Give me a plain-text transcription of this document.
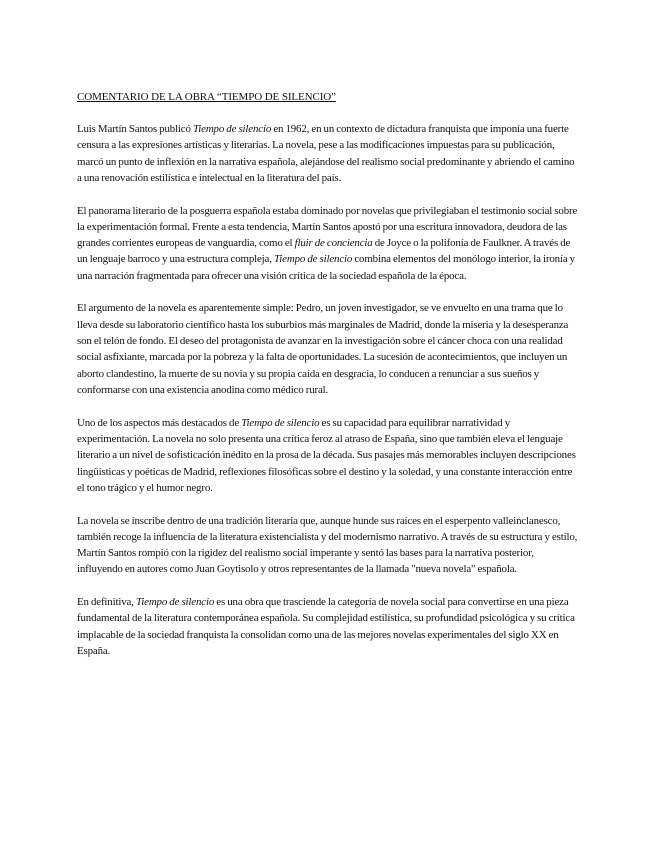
COMENTARIO DE LA OBRA “TIEMPO DE SILENCIO”

Luis Martín Santos publicó Tiempo de silencio en 1962, en un contexto de dictadura franquista que imponía una fuerte censura a las expresiones artísticas y literarias. La novela, pese a las modificaciones impuestas para su publicación, marcó un punto de inflexión en la narrativa española, alejándose del realismo social predominante y abriendo el camino a una renovación estilística e intelectual en la literatura del país.

El panorama literario de la posguerra española estaba dominado por novelas que privilegiaban el testimonio social sobre la experimentación formal. Frente a esta tendencia, Martín Santos apostó por una escritura innovadora, deudora de las grandes corrientes europeas de vanguardia, como el fluir de conciencia de Joyce o la polifonía de Faulkner. A través de un lenguaje barroco y una estructura compleja, Tiempo de silencio combina elementos del monólogo interior, la ironía y una narración fragmentada para ofrecer una visión crítica de la sociedad española de la época.

El argumento de la novela es aparentemente simple: Pedro, un joven investigador, se ve envuelto en una trama que lo lleva desde su laboratorio científico hasta los suburbios más marginales de Madrid, donde la miseria y la desesperanza son el telón de fondo. El deseo del protagonista de avanzar en la investigación sobre el cáncer choca con una realidad social asfixiante, marcada por la pobreza y la falta de oportunidades. La sucesión de acontecimientos, que incluyen un aborto clandestino, la muerte de su novia y su propia caída en desgracia, lo conducen a renunciar a sus sueños y conformarse con una existencia anodina como médico rural.

Uno de los aspectos más destacados de Tiempo de silencio es su capacidad para equilibrar narratividad y experimentación. La novela no solo presenta una crítica feroz al atraso de España, sino que también eleva el lenguaje literario a un nivel de sofisticación inédito en la prosa de la década. Sus pasajes más memorables incluyen descripciones lingüísticas y poéticas de Madrid, reflexiones filosóficas sobre el destino y la soledad, y una constante interacción entre el tono trágico y el humor negro.

La novela se inscribe dentro de una tradición literaria que, aunque hunde sus raíces en el esperpento valleinclanesco, también recoge la influencia de la literatura existencialista y del modernismo narrativo. A través de su estructura y estilo, Martín Santos rompió con la rigidez del realismo social imperante y sentó las bases para la narrativa posterior, influyendo en autores como Juan Goytisolo y otros representantes de la llamada "nueva novela" española.

En definitiva, Tiempo de silencio es una obra que trasciende la categoría de novela social para convertirse en una pieza fundamental de la literatura contemporánea española. Su complejidad estilística, su profundidad psicológica y su crítica implacable de la sociedad franquista la consolidan como una de las mejores novelas experimentales del siglo XX en España.
